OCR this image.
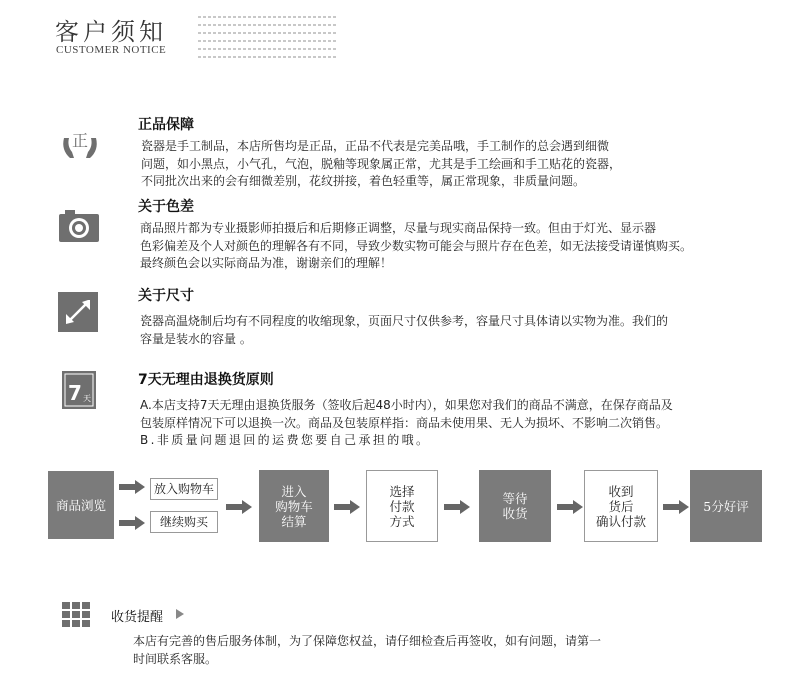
客户须知
CUSTOMER NOTICE
正
正品保障

瓷器是手工制品，本店所售均是正品，正品不代表是完美品哦，手工制作的总会遇到细微

问题，如小黑点，小气孔，气泡，脱釉等现象属正常，尤其是手工绘画和手工贴花的瓷器，

不同批次出来的会有细微差别，花纹拼接，着色轻重等，属正常现象，非质量问题。

关于色差

商品照片都为专业摄影师拍摄后和后期修正调整，尽量与现实商品保持一致。但由于灯光、显示器

色彩偏差及个人对颜色的理解各有不同，导致少数实物可能会与照片存在色差，如无法接受请谨慎购买。

最终颜色会以实际商品为准，谢谢亲们的理解！

关于尺寸

瓷器高温烧制后均有不同程度的收缩现象，页面尺寸仅供参考，容量尺寸具体请以实物为准。我们的

容量是装水的容量 。

7 天
7天无理由退换货原则

A.本店支持7天无理由退换货服务（签收后起48小时内），如果您对我们的商品不满意，在保存商品及

包装原样情况下可以退换一次。商品及包装原样指：商品未使用果、无人为损坏、不影响二次销售。

B.非质量问题退回的运费您要自己承担的哦。

商品浏览
放入购物车
继续购买
进入
购物车
结算
选择
付款
方式
等待
收货
收到
货后
确认付款
5分好评
收货提醒

本店有完善的售后服务体制，为了保障您权益，请仔细检查后再签收，如有问题，请第一

时间联系客服。
